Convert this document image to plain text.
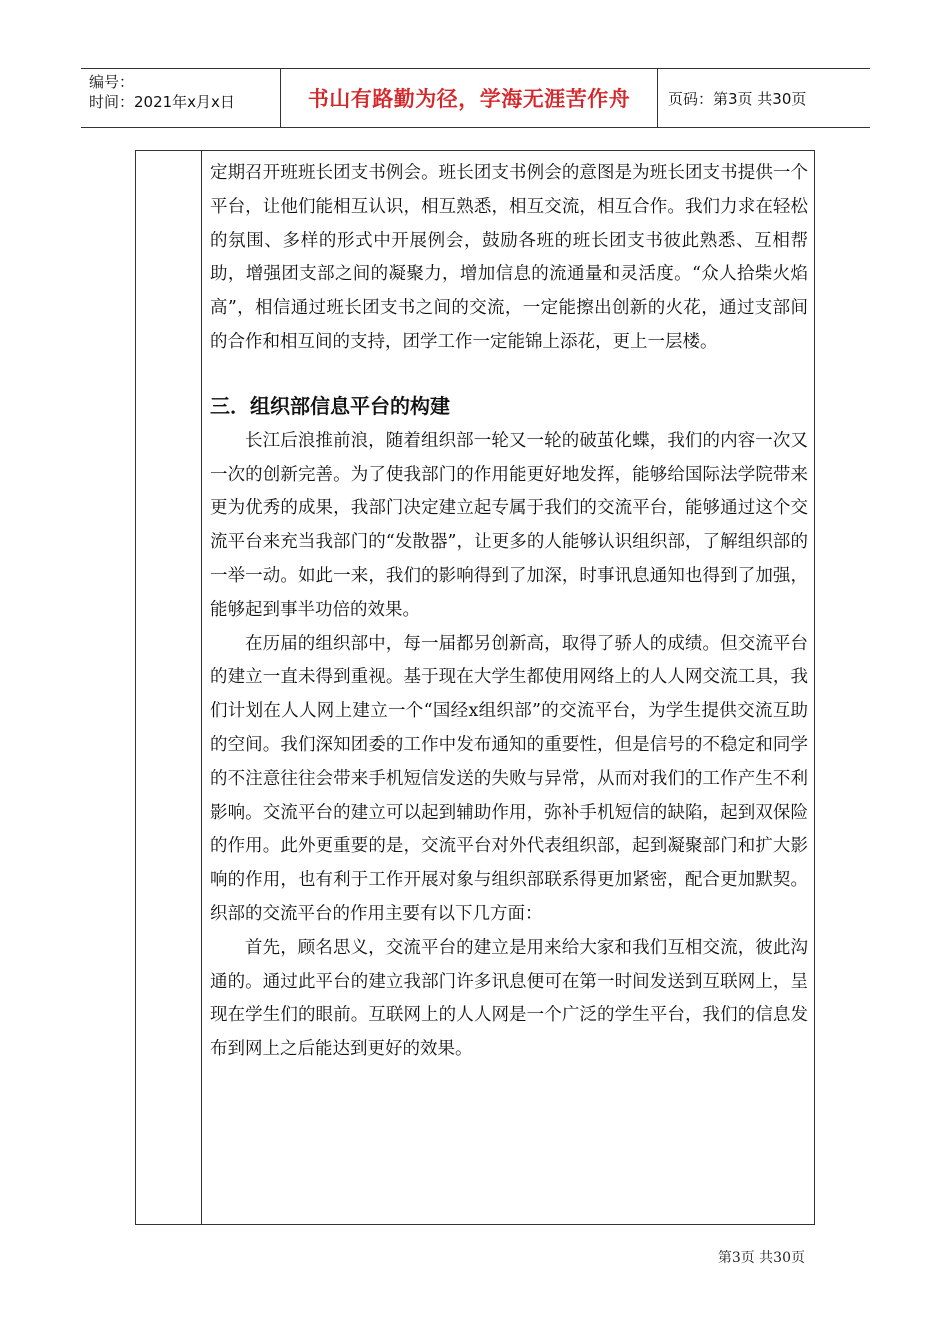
编号：
时间：2021年x月x日	书山有路勤为径，学海无涯苦作舟	页码：第3页 共30页

定期召开班班长团支书例会。班长团支书例会的意图是为班长团支书提供一个平台，让他们能相互认识，相互熟悉，相互交流，相互合作。我们力求在轻松的氛围、多样的形式中开展例会，鼓励各班的班长团支书彼此熟悉、互相帮助，增强团支部之间的凝聚力，增加信息的流通量和灵活度。“众人拾柴火焰高”，相信通过班长团支书之间的交流，一定能擦出创新的火花，通过支部间的合作和相互间的支持，团学工作一定能锦上添花，更上一层楼。

三．组织部信息平台的构建

长江后浪推前浪，随着组织部一轮又一轮的破茧化蝶，我们的内容一次又一次的创新完善。为了使我部门的作用能更好地发挥，能够给国际法学院带来更为优秀的成果，我部门决定建立起专属于我们的交流平台，能够通过这个交流平台来充当我部门的“发散器”，让更多的人能够认识组织部，了解组织部的一举一动。如此一来，我们的影响得到了加深，时事讯息通知也得到了加强，能够起到事半功倍的效果。

在历届的组织部中，每一届都另创新高，取得了骄人的成绩。但交流平台的建立一直未得到重视。基于现在大学生都使用网络上的人人网交流工具，我们计划在人人网上建立一个“国经x组织部”的交流平台，为学生提供交流互助的空间。我们深知团委的工作中发布通知的重要性，但是信号的不稳定和同学的不注意往往会带来手机短信发送的失败与异常，从而对我们的工作产生不利影响。交流平台的建立可以起到辅助作用，弥补手机短信的缺陷，起到双保险的作用。此外更重要的是，交流平台对外代表组织部，起到凝聚部门和扩大影响的作用，也有利于工作开展对象与组织部联系得更加紧密，配合更加默契。织部的交流平台的作用主要有以下几方面：

首先，顾名思义，交流平台的建立是用来给大家和我们互相交流，彼此沟通的。通过此平台的建立我部门许多讯息便可在第一时间发送到互联网上，呈现在学生们的眼前。互联网上的人人网是一个广泛的学生平台，我们的信息发布到网上之后能达到更好的效果。

第3页 共30页
